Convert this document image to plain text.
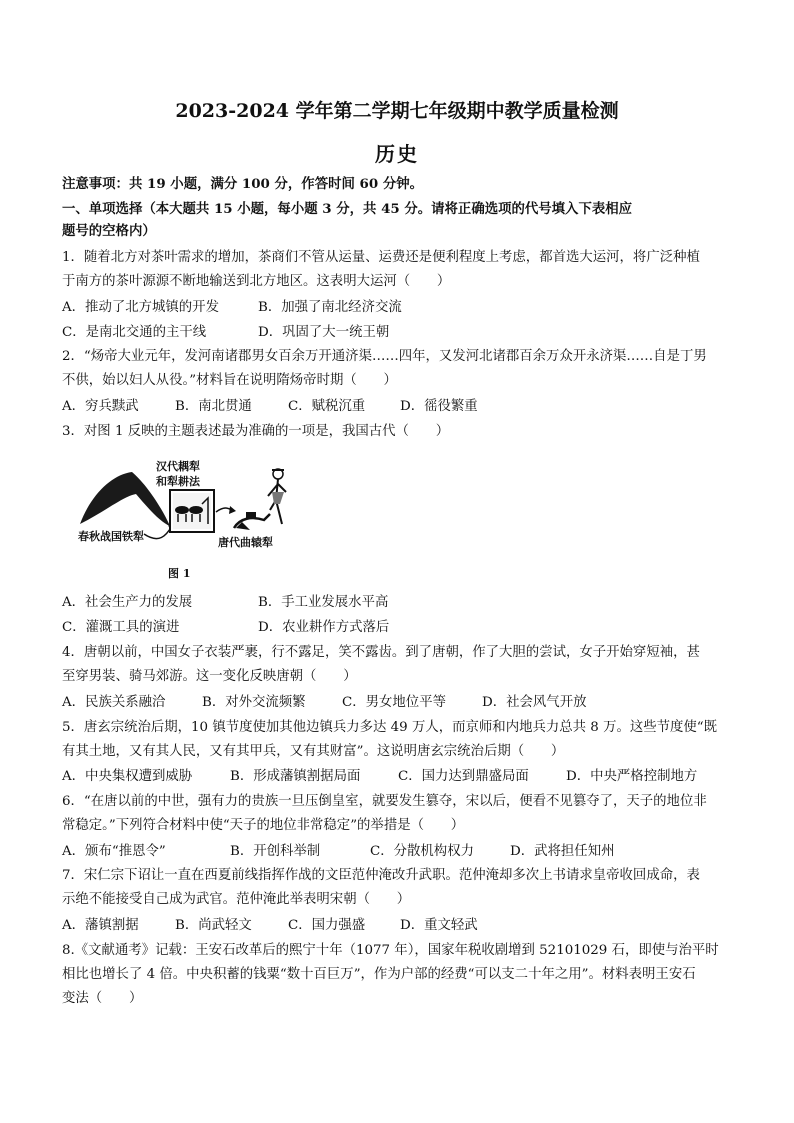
2023-2024 学年第二学期七年级期中教学质量检测
历史
注意事项：共 19 小题，满分 100 分，作答时间 60 分钟。
一、单项选择（本大题共 15 小题，每小题 3 分，共 45 分。请将正确选项的代号填入下表相应
题号的空格内）
1．随着北方对茶叶需求的增加，茶商们不管从运量、运费还是便利程度上考虑，都首选大运河，将广泛种植
于南方的茶叶源源不断地输送到北方地区。这表明大运河（　　）
A．推动了北方城镇的开发	B．加强了南北经济交流
C．是南北交通的主干线	D．巩固了大一统王朝
2．“炀帝大业元年，发河南诸郡男女百余万开通济渠……四年，又发河北诸郡百余万众开永济渠……自是丁男
不供，始以妇人从役。”材料旨在说明隋炀帝时期（　　）
A．穷兵黩武	B．南北贯通	C．赋税沉重	D．徭役繁重
3．对图 1 反映的主题表述最为准确的一项是，我国古代（　　）
汉代耦犁
和犁耕法
春秋战国铁犁	唐代曲辕犁
图 1
A．社会生产力的发展	B．手工业发展水平高
C．灌溉工具的演进	D．农业耕作方式落后
4．唐朝以前，中国女子衣装严裹，行不露足，笑不露齿。到了唐朝，作了大胆的尝试，女子开始穿短袖，甚
至穿男装、骑马郊游。这一变化反映唐朝（　　）
A．民族关系融洽	B．对外交流频繁	C．男女地位平等	D．社会风气开放
5．唐玄宗统治后期，10 镇节度使加其他边镇兵力多达 49 万人，而京师和内地兵力总共 8 万。这些节度使“既
有其土地，又有其人民，又有其甲兵，又有其财富”。这说明唐玄宗统治后期（　　）
A．中央集权遭到威胁	B．形成藩镇割据局面	C．国力达到鼎盛局面	D．中央严格控制地方
6．“在唐以前的中世，强有力的贵族一旦压倒皇室，就要发生篡夺，宋以后，便看不见篡夺了，天子的地位非
常稳定。”下列符合材料中使“天子的地位非常稳定”的举措是（　　）
A．颁布“推恩令”	B．开创科举制	C．分散机构权力	D．武将担任知州
7．宋仁宗下诏让一直在西夏前线指挥作战的文臣范仲淹改升武职。范仲淹却多次上书请求皇帝收回成命，表
示绝不能接受自己成为武官。范仲淹此举表明宋朝（　　）
A．藩镇割据	B．尚武轻文	C．国力强盛	D．重文轻武
8.《文献通考》记载：王安石改革后的熙宁十年（1077 年），国家年税收剧增到 52101029 石，即使与治平时
相比也增长了 4 倍。中央积蓄的钱粟“数十百巨万”，作为户部的经费“可以支二十年之用”。材料表明王安石
变法（　　）
